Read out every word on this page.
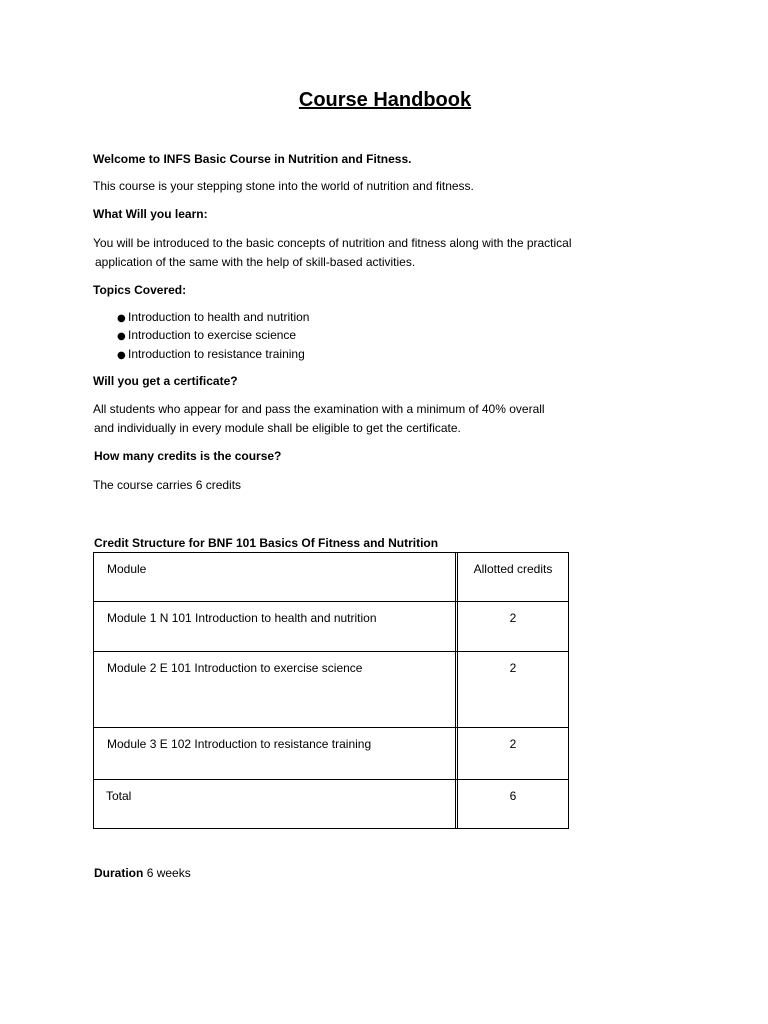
Course Handbook
Welcome to INFS Basic Course in Nutrition and Fitness.
This course is your stepping stone into the world of nutrition and fitness.
What Will you learn:
You will be introduced to the basic concepts of nutrition and fitness along with the practical
application of the same with the help of skill-based activities.
Topics Covered:
●Introduction to health and nutrition
●Introduction to exercise science
●Introduction to resistance training
Will you get a certificate?
All students who appear for and pass the examination with a minimum of 40% overall
and individually in every module shall be eligible to get the certificate.
How many credits is the course?
The course carries 6 credits
Credit Structure for BNF 101 Basics Of Fitness and Nutrition
Module	Allotted credits
Module 1 N 101 Introduction to health and nutrition	2
Module 2 E 101 Introduction to exercise science	2
Module 3 E 102 Introduction to resistance training	2
Total	6
Duration 6 weeks
